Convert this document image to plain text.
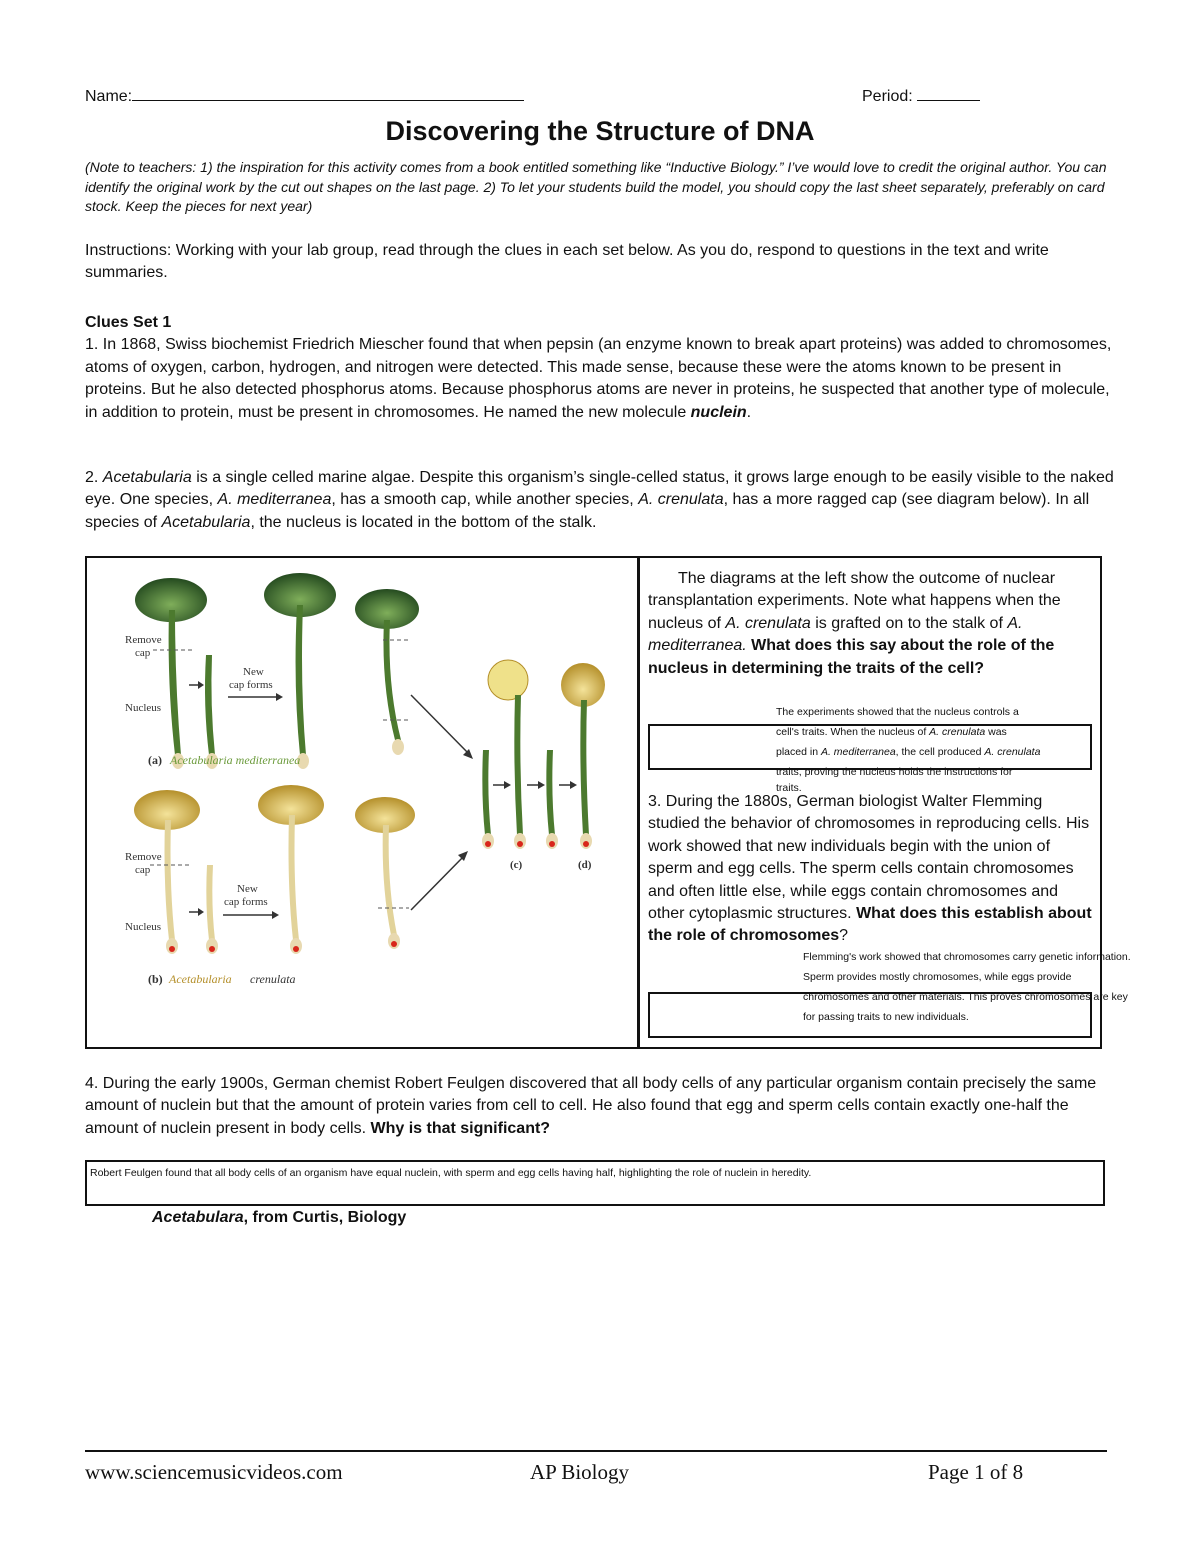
Name:	Period:
Discovering the Structure of DNA
(Note to teachers: 1) the inspiration for this activity comes from a book entitled something like “Inductive Biology.” I’ve would love to credit the original author. You can identify the original work by the cut out shapes on the last page. 2) To let your students build the model, you should copy the last sheet separately, preferably on card stock. Keep the pieces for next year)
Instructions: Working with your lab group, read through the clues in each set below. As you do, respond to questions in the text and write summaries.
Clues Set 1
1. In 1868, Swiss biochemist Friedrich Miescher found that when pepsin (an enzyme known to break apart proteins) was added to chromosomes, atoms of oxygen, carbon, hydrogen, and nitrogen were detected. This made sense, because these were the atoms known to be present in proteins. But he also detected phosphorus atoms. Because phosphorus atoms are never in proteins, he suspected that another type of molecule, in addition to protein, must be present in chromosomes. He named the new molecule nuclein.
2. Acetabularia is a single celled marine algae. Despite this organism’s single-celled status, it grows large enough to be easily visible to the naked eye. One species, A. mediterranea, has a smooth cap, while another species, A. crenulata, has a more ragged cap (see diagram below). In all species of Acetabularia, the nucleus is located in the bottom of the stalk.
Remove
cap
Nucleus
New
cap forms
(a) Acetabularia mediterranea
Remove
cap
Nucleus
New
cap forms
(b) Acetabularia crenulata
(c)	(d)
The diagrams at the left show the outcome of nuclear transplantation experiments. Note what happens when the nucleus of A. crenulata is grafted on to the stalk of A. mediterranea. What does this say about the role of the nucleus in determining the traits of the cell?
The experiments showed that the nucleus controls a
cell's traits. When the nucleus of A. crenulata was
placed in A. mediterranea, the cell produced A. crenulata
traits, proving the nucleus holds the instructions for
traits.
3. During the 1880s, German biologist Walter Flemming studied the behavior of chromosomes in reproducing cells. His work showed that new individuals begin with the union of sperm and egg cells. The sperm cells contain chromosomes and often little else, while eggs contain chromosomes and other cytoplasmic structures. What does this establish about the role of chromosomes?
Flemming's work showed that chromosomes carry genetic information.
Sperm provides mostly chromosomes, while eggs provide
chromosomes and other materials. This proves chromosomes are key
for passing traits to new individuals.
4. During the early 1900s, German chemist Robert Feulgen discovered that all body cells of any particular organism contain precisely the same amount of nuclein but that the amount of protein varies from cell to cell. He also found that egg and sperm cells contain exactly one-half the amount of nuclein present in body cells. Why is that significant?
Robert Feulgen found that all body cells of an organism have equal nuclein, with sperm and egg cells having half, highlighting the role of nuclein in heredity.
Acetabulara, from Curtis, Biology
www.sciencemusicvideos.com	AP Biology	Page 1 of 8
